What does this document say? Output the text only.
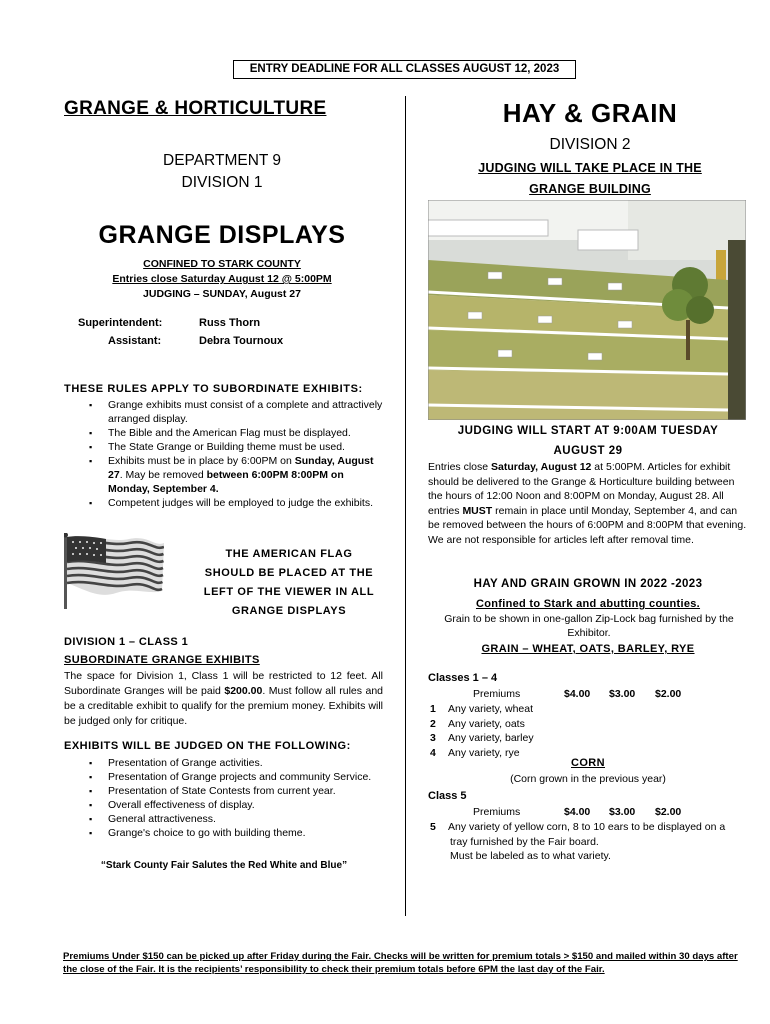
ENTRY DEADLINE FOR ALL CLASSES AUGUST 12, 2023
GRANGE & HORTICULTURE
DEPARTMENT 9
DIVISION 1
GRANGE DISPLAYS
CONFINED TO STARK COUNTY
Entries close Saturday August 12 @ 5:00PM
JUDGING – SUNDAY, August 27
Superintendent:	Russ Thorn
Assistant:	Debra Tournoux
THESE RULES APPLY TO SUBORDINATE EXHIBITS:
▪ Grange exhibits must consist of a complete and attractively arranged display.
▪ The Bible and the American Flag must be displayed.
▪ The State Grange or Building theme must be used.
▪ Exhibits must be in place by 6:00PM on Sunday, August 27. May be removed between 6:00PM 8:00PM on Monday, September 4.
▪ Competent judges will be employed to judge the exhibits.
THE AMERICAN FLAG
SHOULD BE PLACED AT THE
LEFT OF THE VIEWER IN ALL
GRANGE DISPLAYS
DIVISION 1 – CLASS 1
SUBORDINATE GRANGE EXHIBITS
The space for Division 1, Class 1 will be restricted to 12 feet. All Subordinate Granges will be paid $200.00. Must follow all rules and be a creditable exhibit to qualify for the premium money. Exhibits will be judged only for critique.
EXHIBITS WILL BE JUDGED ON THE FOLLOWING:
▪ Presentation of Grange activities.
▪ Presentation of Grange projects and community Service.
▪ Presentation of State Contests from current year.
▪ Overall effectiveness of display.
▪ General attractiveness.
▪ Grange's choice to go with building theme.
“Stark County Fair Salutes the Red White and Blue”
HAY & GRAIN
DIVISION 2
JUDGING WILL TAKE PLACE IN THE
GRANGE BUILDING
JUDGING WILL START AT 9:00AM TUESDAY
AUGUST 29
Entries close Saturday, August 12 at 5:00PM. Articles for exhibit should be delivered to the Grange & Horticulture building between the hours of 12:00 Noon and 8:00PM on Monday, August 28. All entries MUST remain in place until Monday, September 4, and can be removed between the hours of 6:00PM and 8:00PM that evening. We are not responsible for articles left after removal time.
HAY AND GRAIN GROWN IN 2022 -2023
Confined to Stark and abutting counties.
Grain to be shown in one-gallon Zip-Lock bag furnished by the Exhibitor.
GRAIN – WHEAT, OATS, BARLEY, RYE
Classes 1 – 4
Premiums	$4.00 $3.00 $2.00
1 Any variety, wheat
2 Any variety, oats
3 Any variety, barley
4 Any variety, rye
CORN
(Corn grown in the previous year)
Class 5
Premiums	$4.00 $3.00 $2.00
5 Any variety of yellow corn, 8 to 10 ears to be displayed on a
tray furnished by the Fair board.
Must be labeled as to what variety.
Premiums Under $150 can be picked up after Friday during the Fair. Checks will be written for premium totals > $150 and mailed within 30 days after the close of the Fair. It is the recipients’ responsibility to check their premium totals before 6PM the last day of the Fair.
